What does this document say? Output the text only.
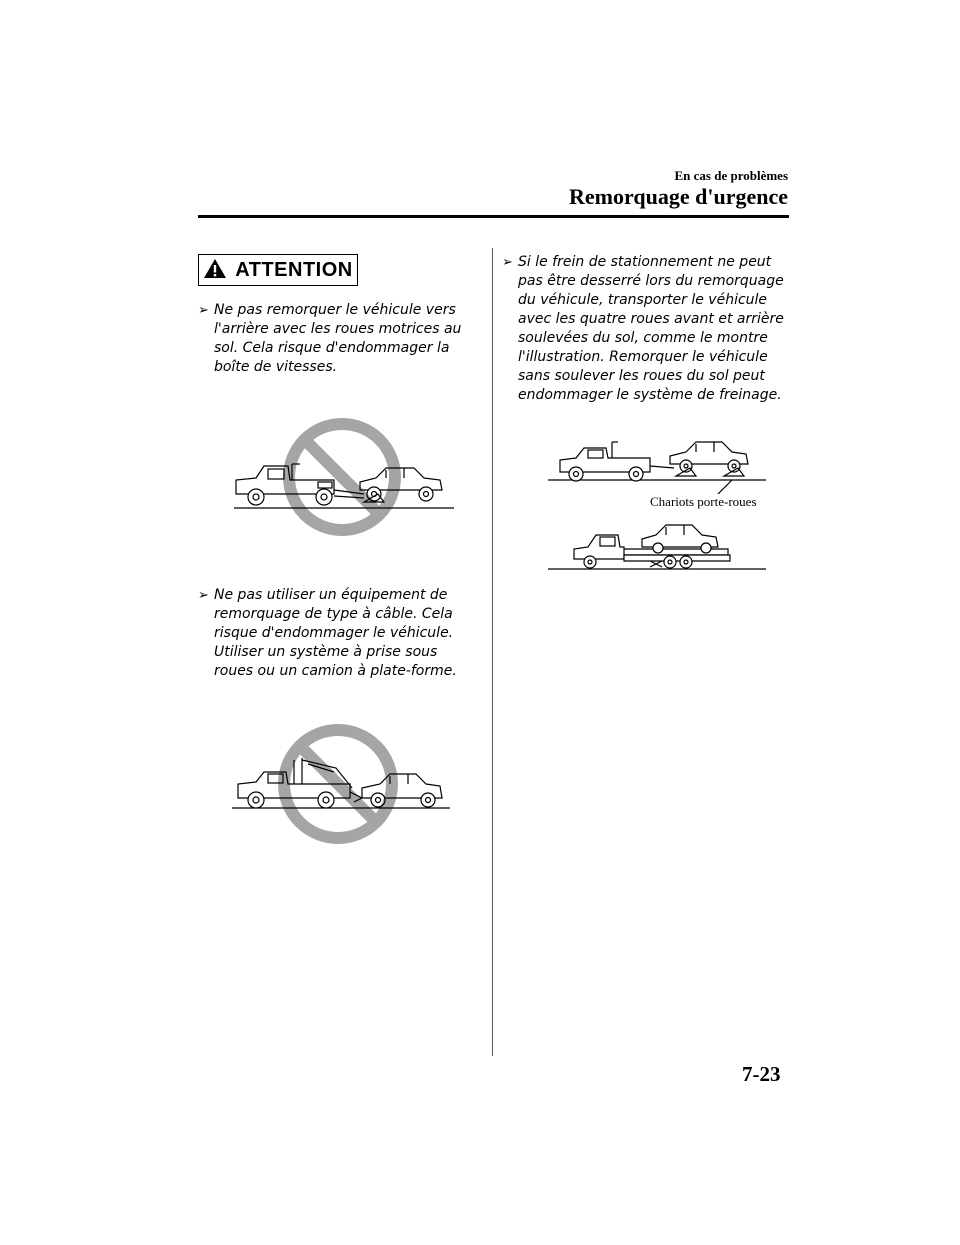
En cas de problèmes
Remorquage d'urgence
ATTENTION
➢ Ne pas remorquer le véhicule vers l'arrière avec les roues motrices au sol. Cela risque d'endommager la boîte de vitesses.
➢ Ne pas utiliser un équipement de remorquage de type à câble. Cela risque d'endommager le véhicule. Utiliser un système à prise sous roues ou un camion à plate-forme.
➢ Si le frein de stationnement ne peut pas être desserré lors du remorquage du véhicule, transporter le véhicule avec les quatre roues avant et arrière soulevées du sol, comme le montre l'illustration. Remorquer le véhicule sans soulever les roues du sol peut endommager le système de freinage.
Chariots porte-roues
7-23
